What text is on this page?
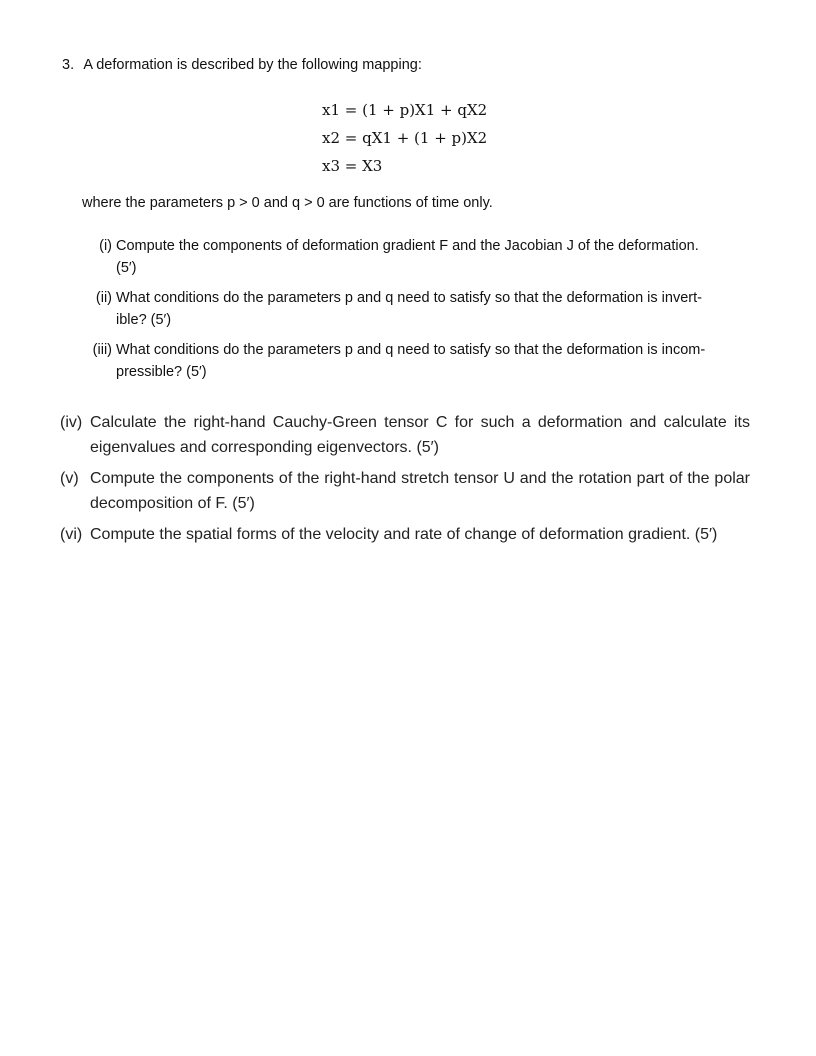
3. A deformation is described by the following mapping:
x1 = (1 + p)X1 + qX2
x2 = qX1 + (1 + p)X2
x3 = X3
where the parameters p > 0 and q > 0 are functions of time only.
(i) Compute the components of deformation gradient F and the Jacobian J of the deformation. (5′)
(ii) What conditions do the parameters p and q need to satisfy so that the deformation is invert-ible? (5′)
(iii) What conditions do the parameters p and q need to satisfy so that the deformation is incom-pressible? (5′)
(iv) Calculate the right-hand Cauchy-Green tensor C for such a deformation and calculate its eigenvalues and corresponding eigenvectors. (5′)
(v) Compute the components of the right-hand stretch tensor U and the rotation part of the polar decomposition of F. (5′)
(vi) Compute the spatial forms of the velocity and rate of change of deformation gradient. (5′)
